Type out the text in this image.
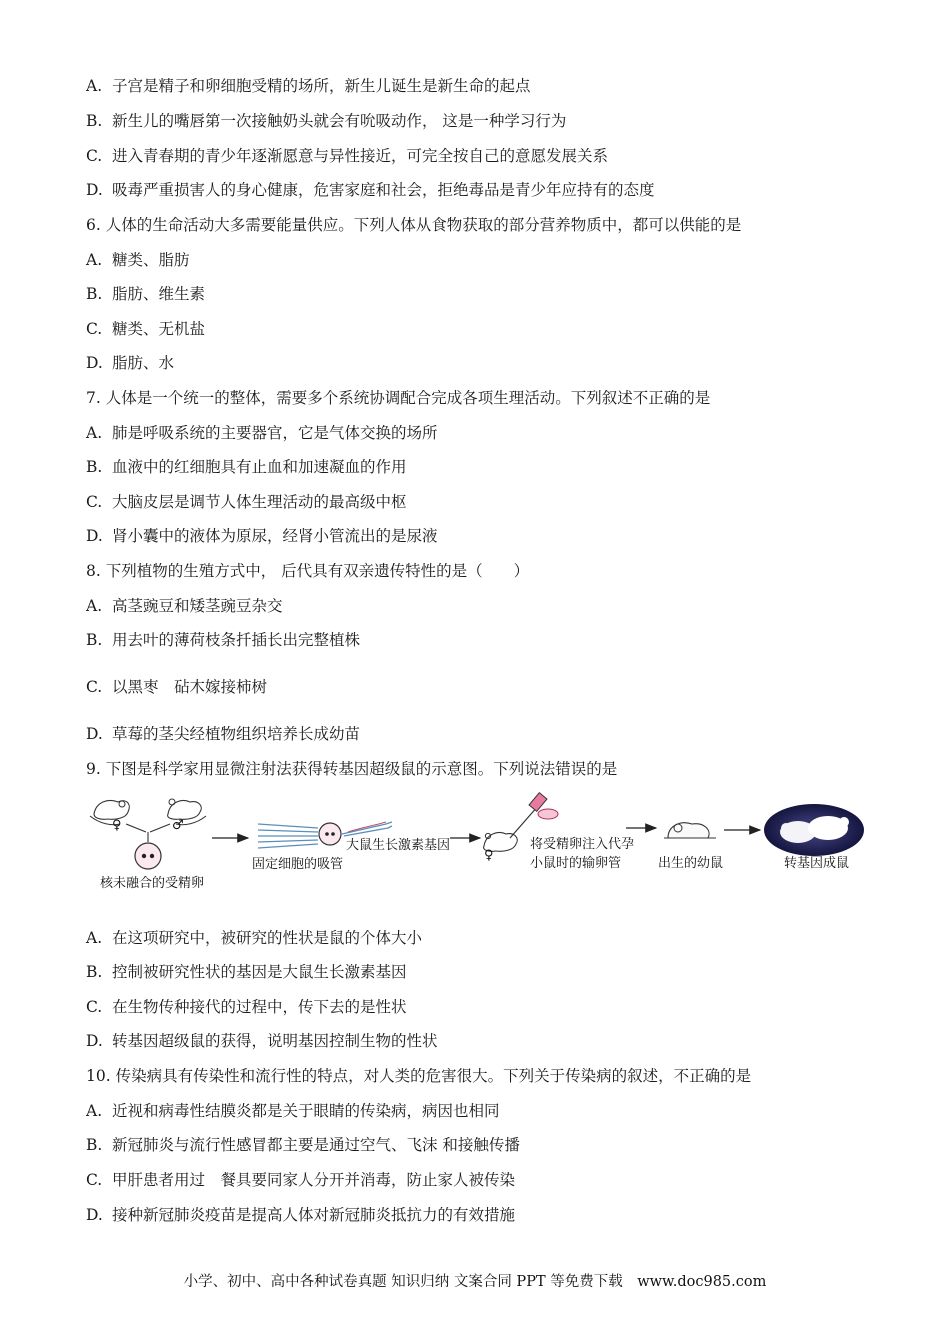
A. 子宫是精子和卵细胞受精的场所，新生儿诞生是新生命的起点
B. 新生儿的嘴唇第一次接触奶头就会有吮吸动作， 这是一种学习行为
C. 进入青春期的青少年逐渐愿意与异性接近，可完全按自己的意愿发展关系
D. 吸毒严重损害人的身心健康，危害家庭和社会，拒绝毒品是青少年应持有的态度
6. 人体的生命活动大多需要能量供应。下列人体从食物获取的部分营养物质中，都可以供能的是
A. 糖类、脂肪
B. 脂肪、维生素
C. 糖类、无机盐
D. 脂肪、水
7. 人体是一个统一的整体，需要多个系统协调配合完成各项生理活动。下列叙述不正确的是
A. 肺是呼吸系统的主要器官，它是气体交换的场所
B. 血液中的红细胞具有止血和加速凝血的作用
C. 大脑皮层是调节人体生理活动的最高级中枢
D. 肾小囊中的液体为原尿，经肾小管流出的是尿液
8. 下列植物的生殖方式中， 后代具有双亲遗传特性的是（　　）
A. 高茎豌豆和矮茎豌豆杂交
B. 用去叶的薄荷枝条扦插长出完整植株
C. 以黑枣　砧木嫁接柿树
D. 草莓的茎尖经植物组织培养长成幼苗
9. 下图是科学家用显微注射法获得转基因超级鼠的示意图。下列说法错误的是
♀	♂
核未融合的受精卵
固定细胞的吸管
大鼠生长激素基因
♀
将受精卵注入代孕
小鼠时的输卵管	出生的幼鼠	转基因成鼠
A. 在这项研究中，被研究的性状是鼠的个体大小
B. 控制被研究性状的基因是大鼠生长激素基因
C. 在生物传种接代的过程中，传下去的是性状
D. 转基因超级鼠的获得，说明基因控制生物的性状
10. 传染病具有传染性和流行性的特点，对人类的危害很大。下列关于传染病的叙述，不正确的是
A. 近视和病毒性结膜炎都是关于眼睛的传染病，病因也相同
B. 新冠肺炎与流行性感冒都主要是通过空气、飞沫 和接触传播
C. 甲肝患者用过　餐具要同家人分开并消毒，防止家人被传染
D. 接种新冠肺炎疫苗是提高人体对新冠肺炎抵抗力的有效措施
小学、初中、高中各种试卷真题 知识归纳 文案合同 PPT 等免费下载　www.doc985.com
